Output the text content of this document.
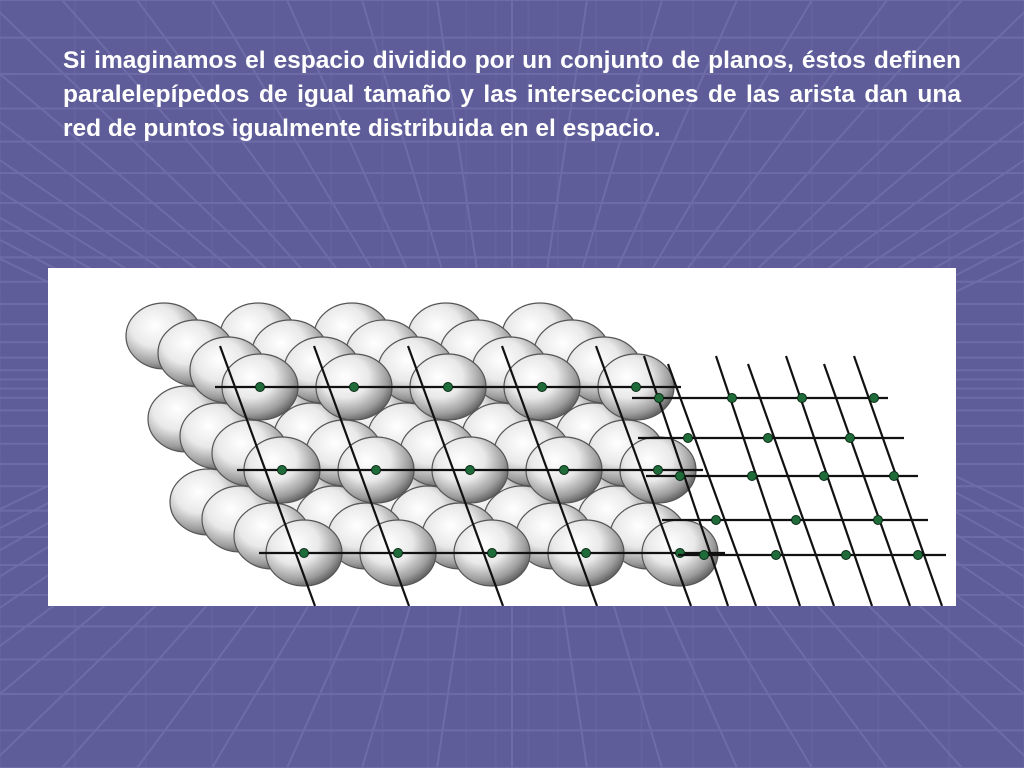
Si imaginamos el espacio dividido por un conjunto de planos, éstos definen paralelepípedos de igual tamaño y las intersecciones de las arista dan una red de puntos igualmente distribuida en el espacio.
